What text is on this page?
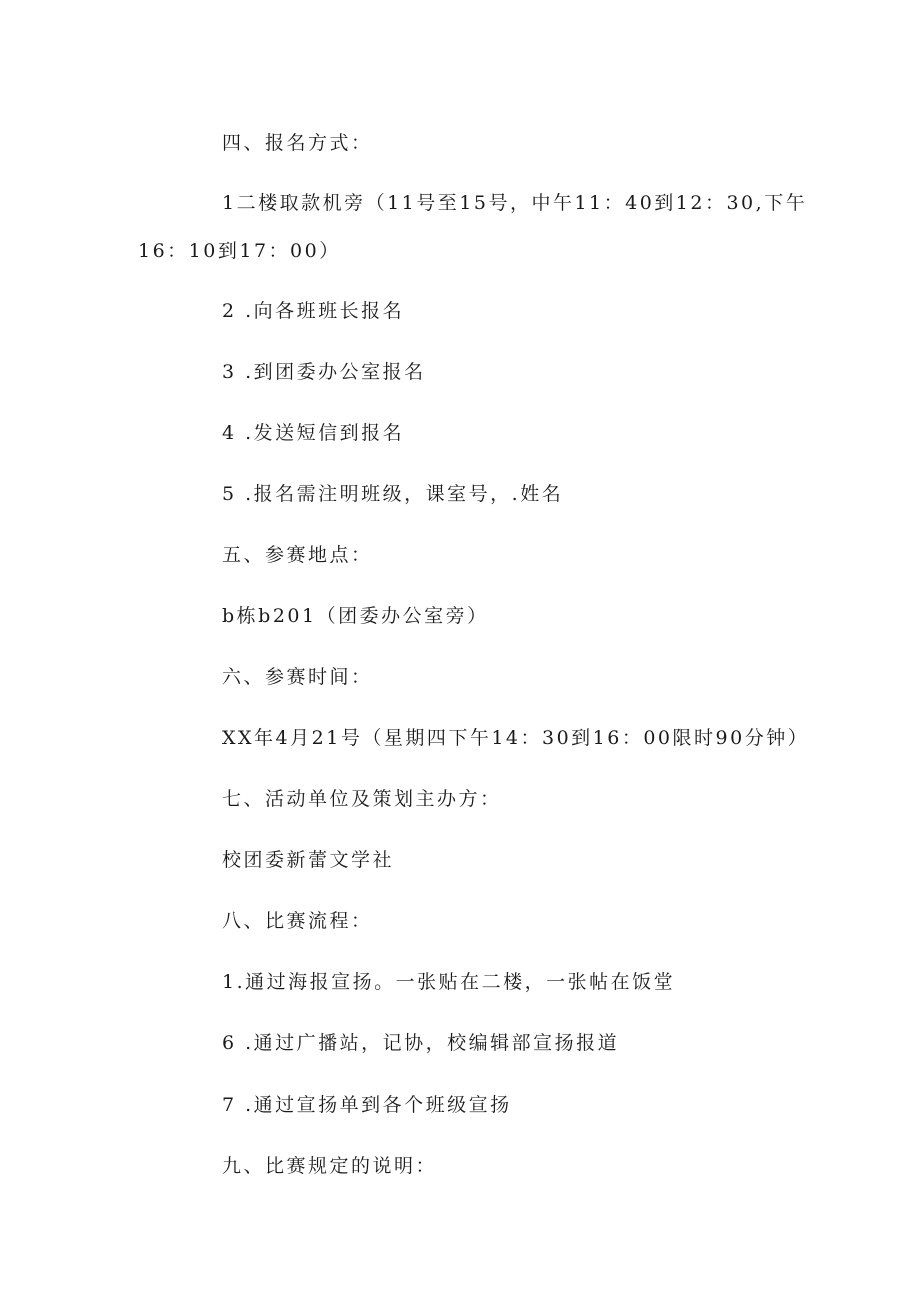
四、报名方式：
1二楼取款机旁（11号至15号，中午11：40到12：30,下午
16：10到17：00）
2 .向各班班长报名
3 .到团委办公室报名
4 .发送短信到报名
5 .报名需注明班级，课室号，.姓名
五、参赛地点：
b栋b201（团委办公室旁）
六、参赛时间：
XX年4月21号（星期四下午14：30到16：00限时90分钟）
七、活动单位及策划主办方：
校团委新蕾文学社
八、比赛流程：
1.通过海报宣扬。一张贴在二楼，一张帖在饭堂
6 .通过广播站，记协，校编辑部宣扬报道
7 .通过宣扬单到各个班级宣扬
九、比赛规定的说明：
